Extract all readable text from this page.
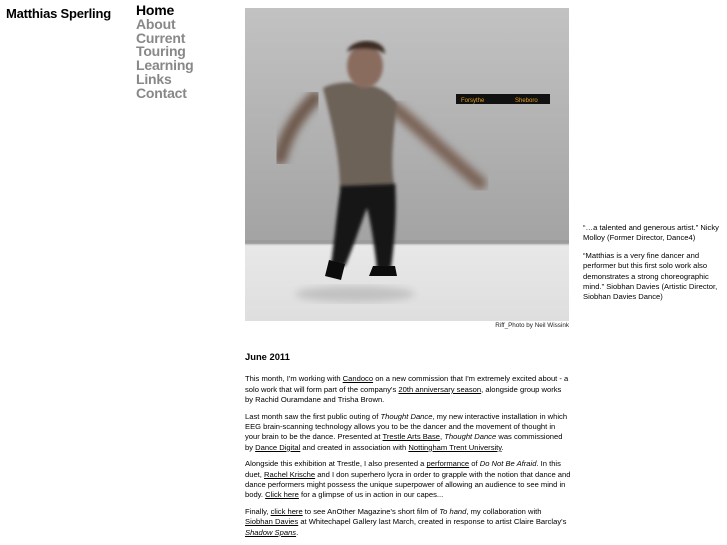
Matthias Sperling Home
About
Current
Touring
Learning
Links
Contact
Forsythe	Sheboro
Riff_Photo by Neil Wissink

“…a talented and generous artist.” Nicky Molloy (Former Director, Dance4)

“Matthias is a very fine dancer and performer but this first solo work also demonstrates a strong choreographic mind.” Siobhan Davies (Artistic Director, Siobhan Davies Dance)

June 2011

This month, I'm working with Candoco on a new commission that I'm extremely excited about - a solo work that will form part of the company's 20th anniversary season, alongside group works by Rachid Ouramdane and Trisha Brown.

Last month saw the first public outing of Thought Dance, my new interactive installation in which EEG brain-scanning technology allows you to be the dancer and the movement of thought in your brain to be the dance. Presented at Trestle Arts Base, Thought Dance was commissioned by Dance Digital and created in association with Nottingham Trent University.

Alongside this exhibition at Trestle, I also presented a performance of Do Not Be Afraid. In this duet, Rachel Krische and I don superhero lycra in order to grapple with the notion that dance and dance performers might possess the unique superpower of allowing an audience to see mind in body. Click here for a glimpse of us in action in our capes...

Finally, click here to see AnOther Magazine's short film of To hand, my collaboration with Siobhan Davies at Whitechapel Gallery last March, created in response to artist Claire Barclay's Shadow Spans.
